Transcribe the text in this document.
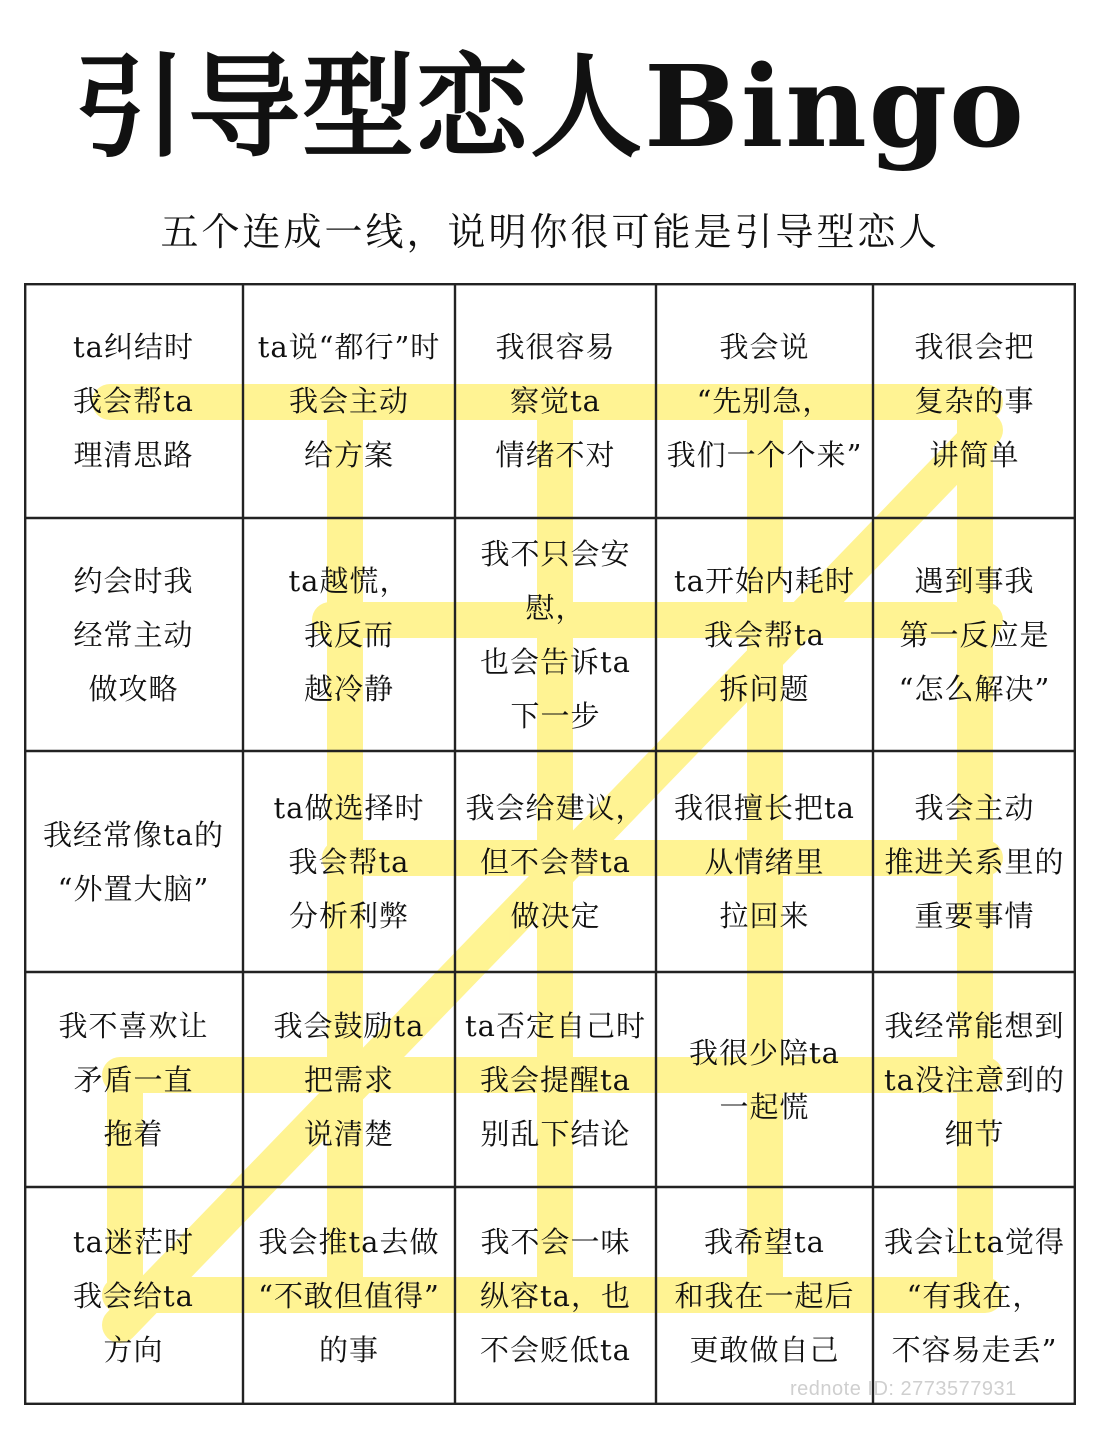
引导型恋人Bingo
五个连成一线，说明你很可能是引导型恋人
ta纠结时
我会帮ta
理清思路
ta说“都行”时
我会主动
给方案
我很容易
察觉ta
情绪不对
我会说
“先别急，
我们一个个来”
我很会把
复杂的事
讲简单
约会时我
经常主动
做攻略
ta越慌，
我反而
越冷静
我不只会安慰，
也会告诉ta
下一步
ta开始内耗时
我会帮ta
拆问题
遇到事我
第一反应是
“怎么解决”
我经常像ta的
“外置大脑”
ta做选择时
我会帮ta
分析利弊
我会给建议，
但不会替ta
做决定
我很擅长把ta
从情绪里
拉回来
我会主动
推进关系里的
重要事情
我不喜欢让
矛盾一直
拖着
我会鼓励ta
把需求
说清楚
ta否定自己时
我会提醒ta
别乱下结论
我很少陪ta
一起慌
我经常能想到
ta没注意到的
细节
ta迷茫时
我会给ta
方向
我会推ta去做
“不敢但值得”
的事
我不会一味
纵容ta，也
不会贬低ta
我希望ta
和我在一起后
更敢做自己
我会让ta觉得
“有我在，
不容易走丢”
rednote ID: 2773577931
